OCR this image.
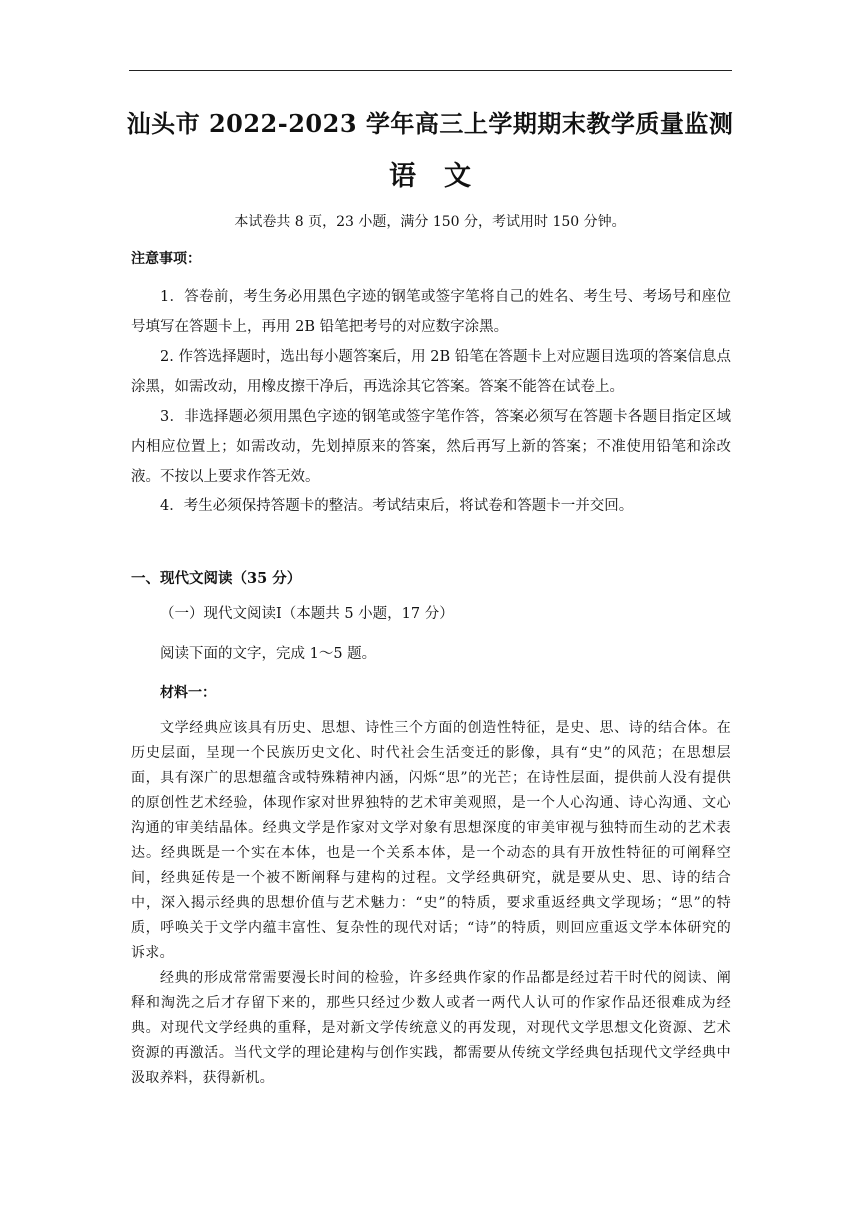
汕头市 2022-2023 学年高三上学期期末教学质量监测
语文
本试卷共 8 页，23 小题，满分 150 分，考试用时 150 分钟。
注意事项：

1．答卷前，考生务必用黑色字迹的钢笔或签字笔将自己的姓名、考生号、考场号和座位号填写在答题卡上，再用 2B 铅笔把考号的对应数字涂黑。

2. 作答选择题时，选出每小题答案后，用 2B 铅笔在答题卡上对应题目选项的答案信息点涂黑，如需改动，用橡皮擦干净后，再选涂其它答案。答案不能答在试卷上。

3．非选择题必须用黑色字迹的钢笔或签字笔作答，答案必须写在答题卡各题目指定区域内相应位置上；如需改动，先划掉原来的答案，然后再写上新的答案；不准使用铅笔和涂改液。不按以上要求作答无效。

4．考生必须保持答题卡的整洁。考试结束后，将试卷和答题卡一并交回。

一、现代文阅读（35 分）
（一）现代文阅读Ⅰ（本题共 5 小题，17 分）
阅读下面的文字，完成 1～5 题。
材料一：

文学经典应该具有历史、思想、诗性三个方面的创造性特征，是史、思、诗的结合体。在历史层面，呈现一个民族历史文化、时代社会生活变迁的影像，具有“史”的风范；在思想层面，具有深广的思想蕴含或特殊精神内涵，闪烁“思”的光芒；在诗性层面，提供前人没有提供的原创性艺术经验，体现作家对世界独特的艺术审美观照，是一个人心沟通、诗心沟通、文心沟通的审美结晶体。经典文学是作家对文学对象有思想深度的审美审视与独特而生动的艺术表达。经典既是一个实在本体，也是一个关系本体，是一个动态的具有开放性特征的可阐释空间，经典延传是一个被不断阐释与建构的过程。文学经典研究，就是要从史、思、诗的结合中，深入揭示经典的思想价值与艺术魅力：“史”的特质，要求重返经典文学现场；“思”的特质，呼唤关于文学内蕴丰富性、复杂性的现代对话；“诗”的特质，则回应重返文学本体研究的诉求。

经典的形成常常需要漫长时间的检验，许多经典作家的作品都是经过若干时代的阅读、阐释和淘洗之后才存留下来的，那些只经过少数人或者一两代人认可的作家作品还很难成为经典。对现代文学经典的重释，是对新文学传统意义的再发现，对现代文学思想文化资源、艺术资源的再激活。当代文学的理论建构与创作实践，都需要从传统文学经典包括现代文学经典中汲取养料，获得新机。
